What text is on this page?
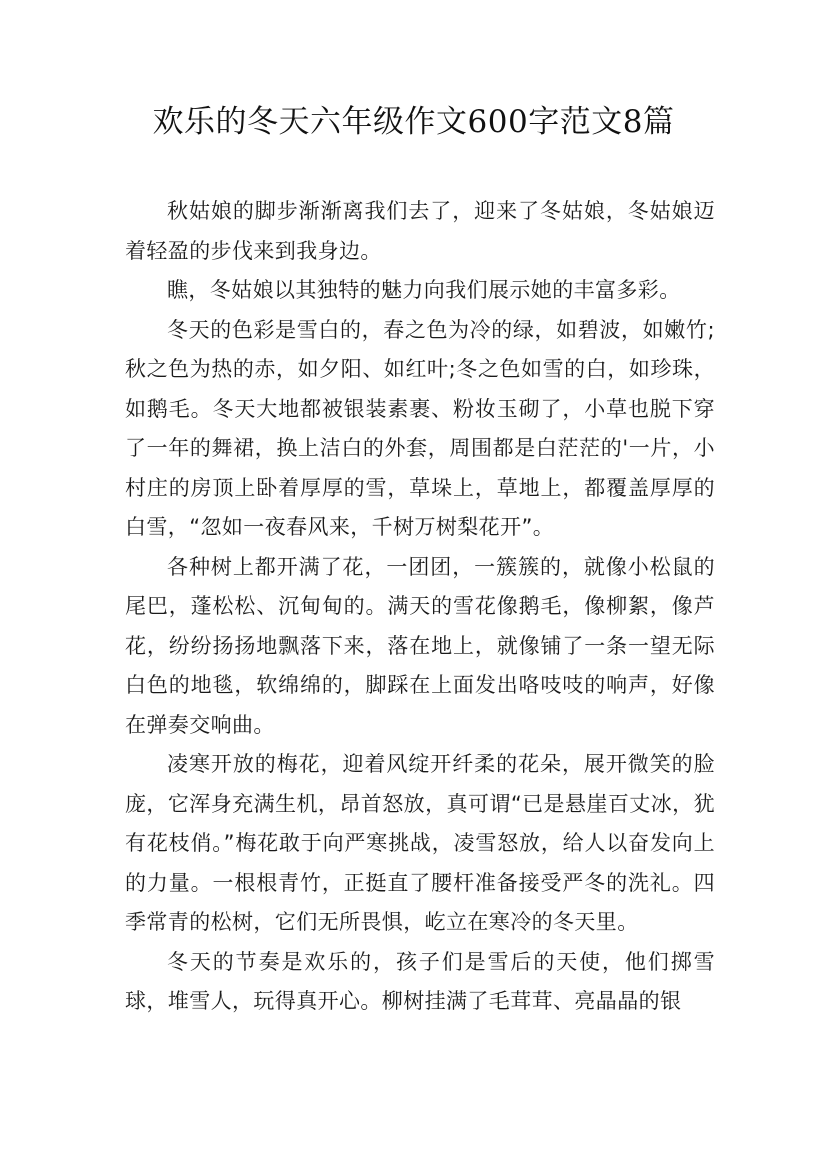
欢乐的冬天六年级作文600字范文8篇

秋姑娘的脚步渐渐离我们去了，迎来了冬姑娘，冬姑娘迈着轻盈的步伐来到我身边。

瞧，冬姑娘以其独特的魅力向我们展示她的丰富多彩。

冬天的色彩是雪白的，春之色为冷的绿，如碧波，如嫩竹;秋之色为热的赤，如夕阳、如红叶;冬之色如雪的白，如珍珠，如鹅毛。冬天大地都被银装素裹、粉妆玉砌了，小草也脱下穿了一年的舞裙，换上洁白的外套，周围都是白茫茫的'一片，小村庄的房顶上卧着厚厚的雪，草垛上，草地上，都覆盖厚厚的白雪，“忽如一夜春风来，千树万树梨花开”。

各种树上都开满了花，一团团，一簇簇的，就像小松鼠的尾巴，蓬松松、沉甸甸的。满天的雪花像鹅毛，像柳絮，像芦花，纷纷扬扬地飘落下来，落在地上，就像铺了一条一望无际白色的地毯，软绵绵的，脚踩在上面发出咯吱吱的响声，好像在弹奏交响曲。

凌寒开放的梅花，迎着风绽开纤柔的花朵，展开微笑的脸庞，它浑身充满生机，昂首怒放，真可谓“已是悬崖百丈冰，犹有花枝俏。”梅花敢于向严寒挑战，凌雪怒放，给人以奋发向上的力量。一根根青竹，正挺直了腰杆准备接受严冬的洗礼。四季常青的松树，它们无所畏惧，屹立在寒冷的冬天里。

冬天的节奏是欢乐的，孩子们是雪后的天使，他们掷雪球，堆雪人，玩得真开心。柳树挂满了毛茸茸、亮晶晶的银
